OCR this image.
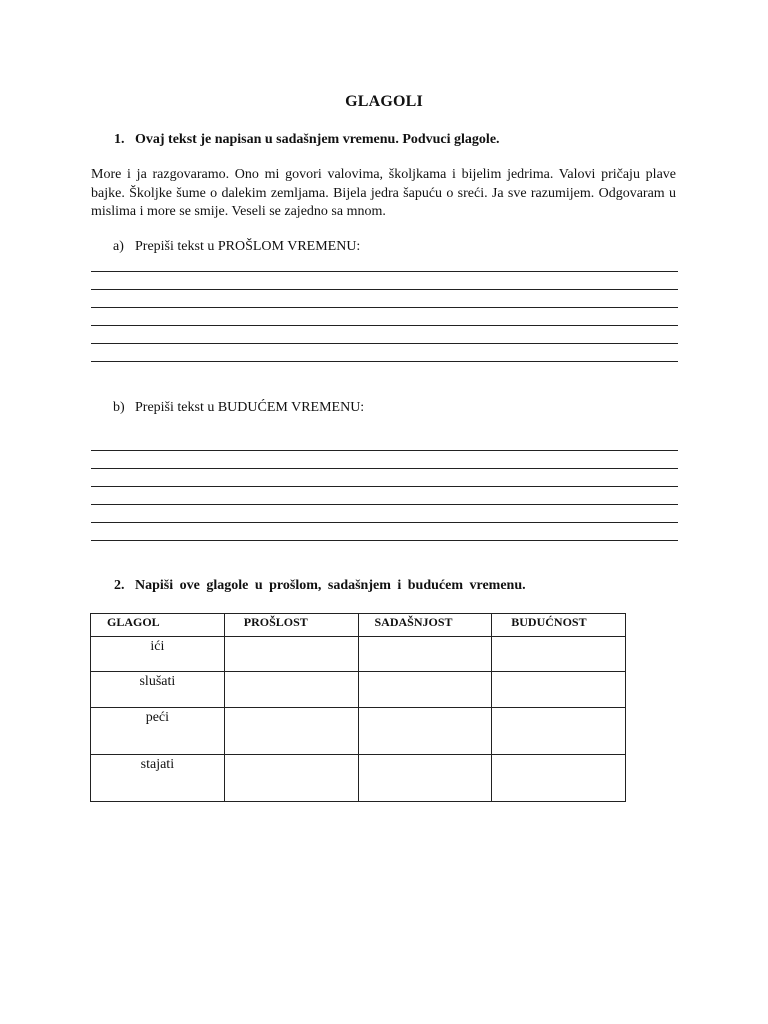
GLAGOLI
1. Ovaj tekst je napisan u sadašnjem vremenu. Podvuci glagole.

More i ja razgovaramo. Ono mi govori valovima, školjkama i bijelim jedrima. Valovi pričaju plave bajke. Školjke šume o dalekim zemljama. Bijela jedra šapuću o sreći. Ja sve razumijem. Odgovaram u mislima i more se smije. Veseli se zajedno sa mnom.

a) Prepiši tekst u PROŠLOM VREMENU:
b) Prepiši tekst u BUDUĆEM VREMENU:
2. Napiši ove glagole u prošlom, sadašnjem i budućem vremenu.
GLAGOL	PROŠLOST	SADAŠNJOST	BUDUĆNOST
ići			
slušati			
peći			
stajati			
